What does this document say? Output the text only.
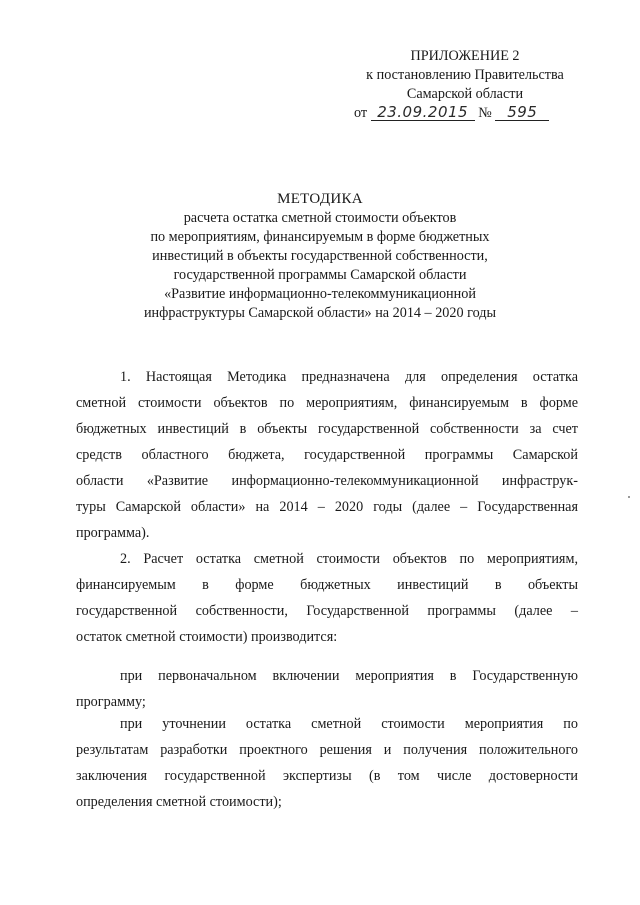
ПРИЛОЖЕНИЕ 2
к постановлению Правительства
Самарской области
от 23.09.2015 № 595
МЕТОДИКА
расчета остатка сметной стоимости объектов
по мероприятиям, финансируемым в форме бюджетных
инвестиций в объекты государственной собственности,
государственной программы Самарской области
«Развитие информационно-телекоммуникационной
инфраструктуры Самарской области» на 2014 – 2020 годы
1. Настоящая Методика предназначена для определения остатка
сметной стоимости объектов по мероприятиям, финансируемым в форме
бюджетных инвестиций в объекты государственной собственности за счет
средств областного бюджета, государственной программы Самарской
области «Развитие информационно-телекоммуникационной инфраструк-
туры Самарской области» на 2014 – 2020 годы (далее – Государственная
программа).
2. Расчет остатка сметной стоимости объектов по мероприятиям,
финансируемым в форме бюджетных инвестиций в объекты
государственной собственности, Государственной программы (далее –
остаток сметной стоимости) производится:
при первоначальном включении мероприятия в Государственную
программу;
при уточнении остатка сметной стоимости мероприятия по
результатам разработки проектного решения и получения положительного
заключения государственной экспертизы (в том числе достоверности
определения сметной стоимости);
